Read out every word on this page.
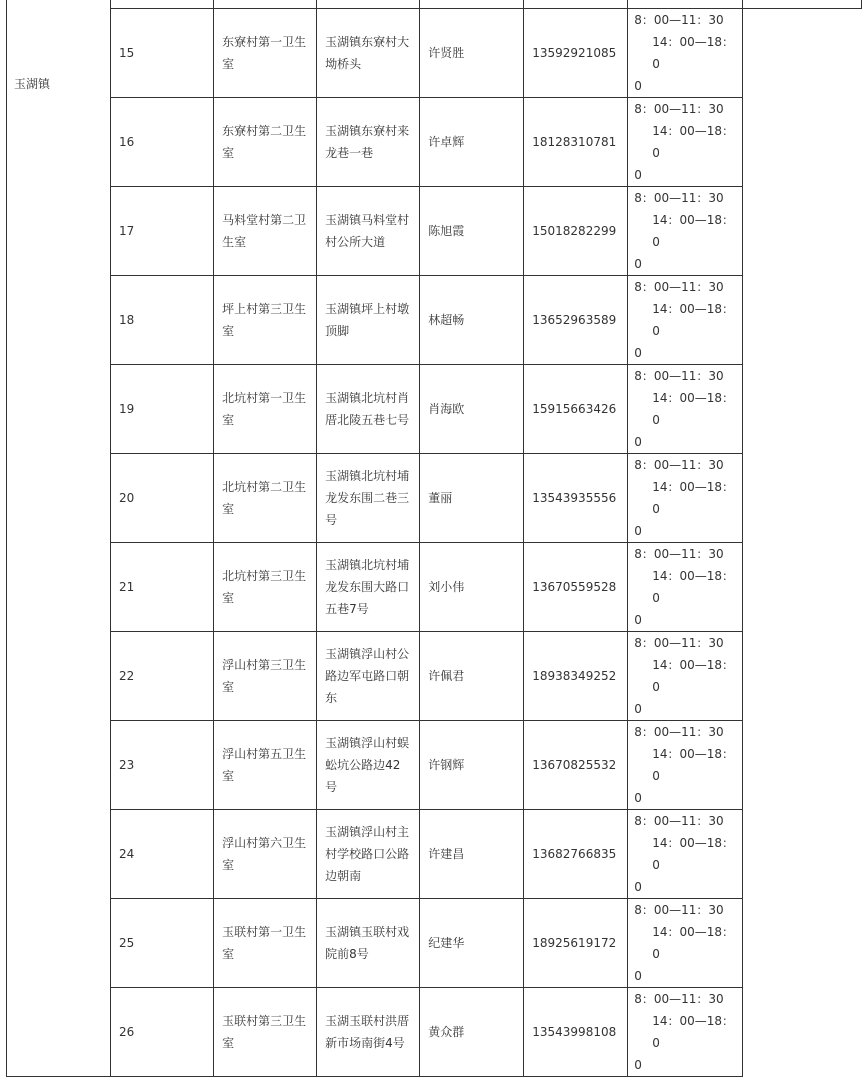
玉湖镇							
	15	东寮村第一卫生室	玉湖镇东寮村大坳桥头	许贤胜	13592921085	8：00—11：30
14：00—18：0
0	

	16	东寮村第二卫生室	玉湖镇东寮村来龙巷一巷	许卓辉	18128310781	8：00—11：30
14：00—18：0
0	

	17	马料堂村第二卫生室	玉湖镇马料堂村村公所大道	陈旭霞	15018282299	8：00—11：30
14：00—18：0
0	

	18	坪上村第三卫生室	玉湖镇坪上村墩顶脚	林超畅	13652963589	8：00—11：30
14：00—18：0
0	

	19	北坑村第一卫生室	玉湖镇北坑村肖厝北陵五巷七号	肖海欧	15915663426	8：00—11：30
14：00—18：0
0	

	20	北坑村第二卫生室	玉湖镇北坑村埔龙发东围二巷三号	董丽	13543935556	8：00—11：30
14：00—18：0
0	

	21	北坑村第三卫生室	玉湖镇北坑村埔龙发东围大路口五巷7号	刘小伟	13670559528	8：00—11：30
14：00—18：0
0	

	22	浮山村第三卫生室	玉湖镇浮山村公路边军屯路口朝东	许佩君	18938349252	8：00—11：30
14：00—18：0
0	

	23	浮山村第五卫生室	玉湖镇浮山村蜈蚣坑公路边42号	许钢辉	13670825532	8：00—11：30
14：00—18：0
0	

	24	浮山村第六卫生室	玉湖镇浮山村主村学校路口公路边朝南	许建昌	13682766835	8：00—11：30
14：00—18：0
0	

	25	玉联村第一卫生室	玉湖镇玉联村戏院前8号	纪建华	18925619172	8：00—11：30
14：00—18：0
0	

	26	玉联村第三卫生室	玉湖玉联村洪厝新市场南街4号	黄众群	13543998108	8：00—11：30
14：00—18：0
0	
